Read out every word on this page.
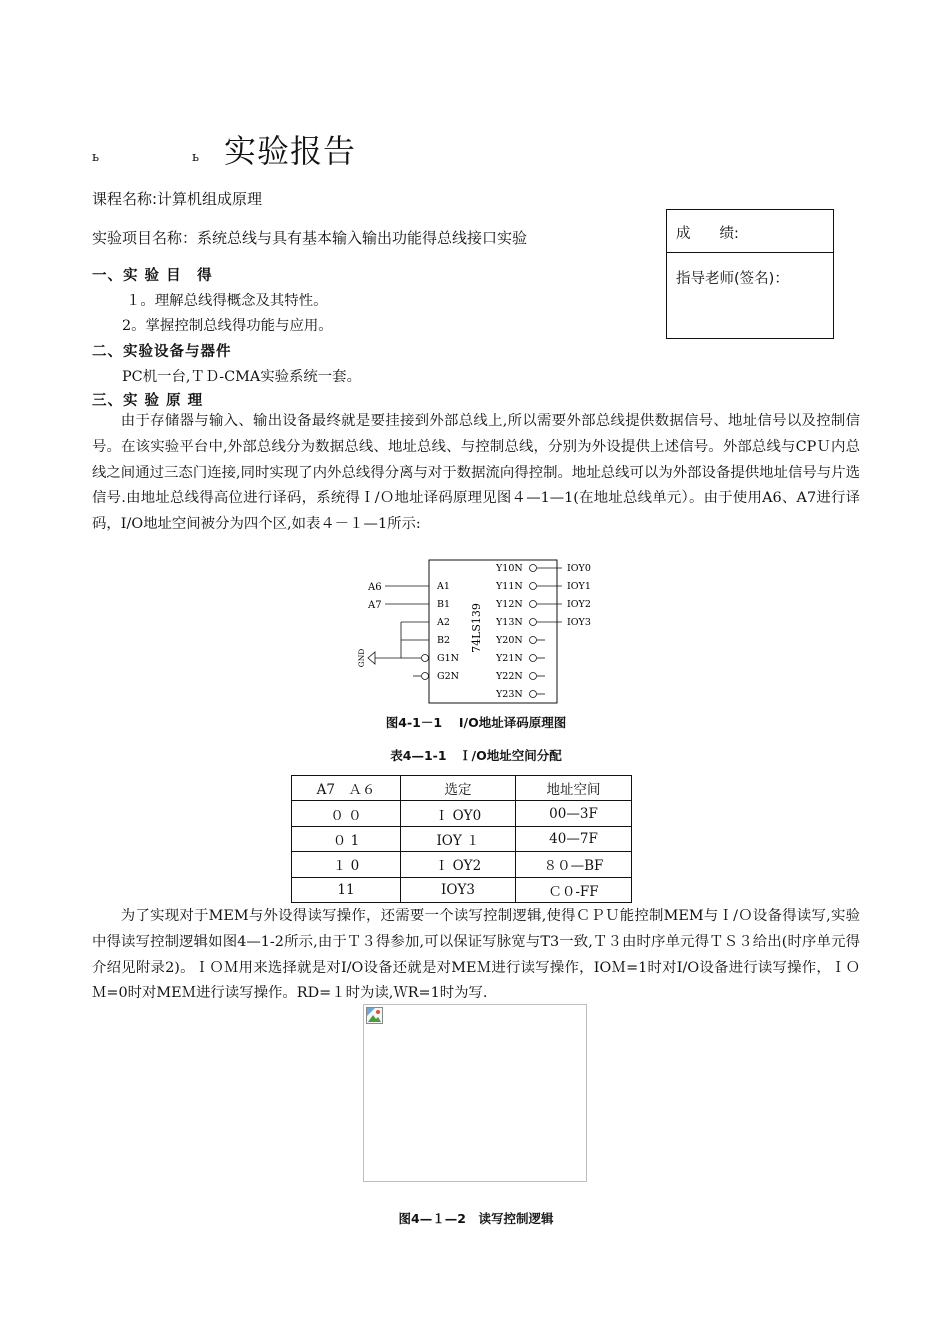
ь	ь 实验报告
课程名称:计算机组成原理
实验项目名称：系统总线与具有基本输入输出功能得总线接口实验	成　　绩:
指导老师(签名)：
一、实 验 目　得
１。理解总线得概念及其特性。
2。掌握控制总线得功能与应用。
二、实验设备与器件
PC机一台,ＴＤ-CMA实验系统一套。
三、实 验 原 理

由于存储器与输入、输出设备最终就是要挂接到外部总线上,所以需要外部总线提供数据信号、地址信号以及控制信号。在该实验平台中,外部总线分为数据总线、地址总线、与控制总线，分别为外设提供上述信号。外部总线与CPＵ内总线之间通过三态门连接,同时实现了内外总线得分离与对于数据流向得控制。地址总线可以为外部设备提供地址信号与片选信号.由地址总线得高位进行译码，系统得Ｉ/Ｏ地址译码原理见图４—1—1(在地址总线单元）。由于使用A6、A7进行译码，I/O地址空间被分为四个区,如表４－１—1所示:

74LS139
A6
A7
GND
A1
B1
A2
B2
G1N
G2N
Y10N
Y11N
Y12N
Y13N
Y20N
Y21N
Y22N
Y23N
IOY0
IOY1
IOY2
IOY3
图4-1－1　 I/O地址译码原理图
表4—1-1　Ｉ/O地址空间分配
A7　Ａ６	选定	地址空间
０ ０	Ｉ OY0	00—3F
０ 1	IOY １	40—7F
１ 0	Ｉ OY2	８０—BF
11	IOY3	Ｃ０-FF

为了实现对于MEM与外设得读写操作，还需要一个读写控制逻辑,使得ＣＰＵ能控制MEM与Ｉ/Ｏ设备得读写,实验中得读写控制逻辑如图4—1-2所示,由于Ｔ３得参加,可以保证写脉宽与T3一致,Ｔ３由时序单元得ＴＳ３给出(时序单元得介绍见附录2)。ＩＯＭ用来选择就是对I/O设备还就是对MEＭ进行读写操作，IOＭ=1时对I/O设备进行读写操作，ＩＯＭ=0时对MEＭ进行读写操作。RD=１时为读,ＷR=1时为写.

图4—１—2　读写控制逻辑
